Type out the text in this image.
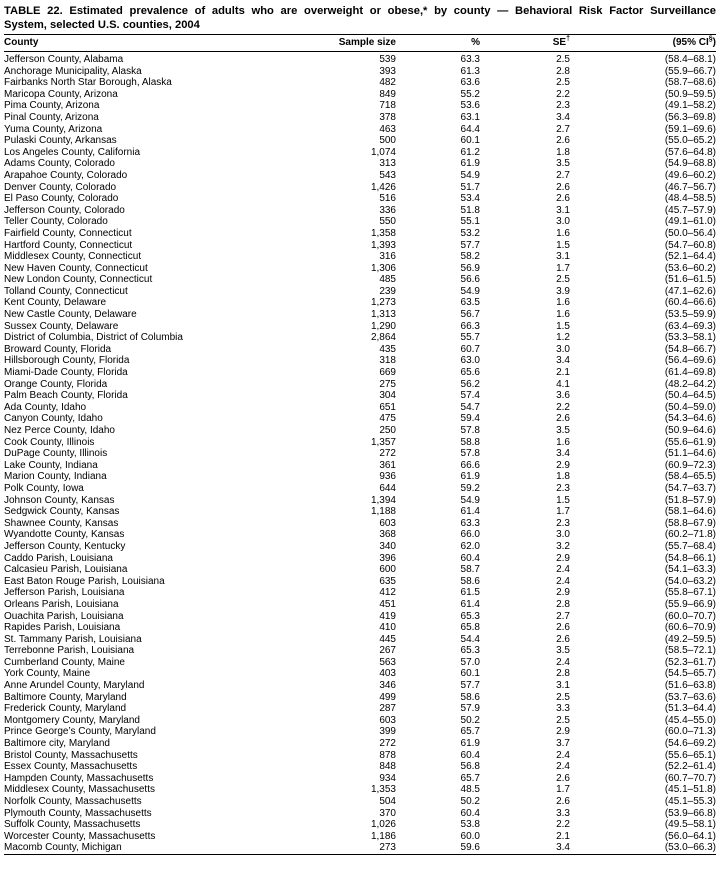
TABLE 22. Estimated prevalence of adults who are overweight or obese,* by county — Behavioral Risk Factor Surveillance
System, selected U.S. counties, 2004
County	Sample size	%	SE†	(95% CI§)
Jefferson County, Alabama	539	63.3	2.5	(58.4–68.1)
Anchorage Municipality, Alaska	393	61.3	2.8	(55.9–66.7)
Fairbanks North Star Borough, Alaska	482	63.6	2.5	(58.7–68.6)
Maricopa County, Arizona	849	55.2	2.2	(50.9–59.5)
Pima County, Arizona	718	53.6	2.3	(49.1–58.2)
Pinal County, Arizona	378	63.1	3.4	(56.3–69.8)
Yuma County, Arizona	463	64.4	2.7	(59.1–69.6)
Pulaski County, Arkansas	500	60.1	2.6	(55.0–65.2)
Los Angeles County, California	1,074	61.2	1.8	(57.6–64.8)
Adams County, Colorado	313	61.9	3.5	(54.9–68.8)
Arapahoe County, Colorado	543	54.9	2.7	(49.6–60.2)
Denver County, Colorado	1,426	51.7	2.6	(46.7–56.7)
El Paso County, Colorado	516	53.4	2.6	(48.4–58.5)
Jefferson County, Colorado	336	51.8	3.1	(45.7–57.9)
Teller County, Colorado	550	55.1	3.0	(49.1–61.0)
Fairfield County, Connecticut	1,358	53.2	1.6	(50.0–56.4)
Hartford County, Connecticut	1,393	57.7	1.5	(54.7–60.8)
Middlesex County, Connecticut	316	58.2	3.1	(52.1–64.4)
New Haven County, Connecticut	1,306	56.9	1.7	(53.6–60.2)
New London County, Connecticut	485	56.6	2.5	(51.6–61.5)
Tolland County, Connecticut	239	54.9	3.9	(47.1–62.6)
Kent County, Delaware	1,273	63.5	1.6	(60.4–66.6)
New Castle County, Delaware	1,313	56.7	1.6	(53.5–59.9)
Sussex County, Delaware	1,290	66.3	1.5	(63.4–69.3)
District of Columbia, District of Columbia	2,864	55.7	1.2	(53.3–58.1)
Broward County, Florida	435	60.7	3.0	(54.8–66.7)
Hillsborough County, Florida	318	63.0	3.4	(56.4–69.6)
Miami-Dade County, Florida	669	65.6	2.1	(61.4–69.8)
Orange County, Florida	275	56.2	4.1	(48.2–64.2)
Palm Beach County, Florida	304	57.4	3.6	(50.4–64.5)
Ada County, Idaho	651	54.7	2.2	(50.4–59.0)
Canyon County, Idaho	475	59.4	2.6	(54.3–64.6)
Nez Perce County, Idaho	250	57.8	3.5	(50.9–64.6)
Cook County, Illinois	1,357	58.8	1.6	(55.6–61.9)
DuPage County, Illinois	272	57.8	3.4	(51.1–64.6)
Lake County, Indiana	361	66.6	2.9	(60.9–72.3)
Marion County, Indiana	936	61.9	1.8	(58.4–65.5)
Polk County, Iowa	644	59.2	2.3	(54.7–63.7)
Johnson County, Kansas	1,394	54.9	1.5	(51.8–57.9)
Sedgwick County, Kansas	1,188	61.4	1.7	(58.1–64.6)
Shawnee County, Kansas	603	63.3	2.3	(58.8–67.9)
Wyandotte County, Kansas	368	66.0	3.0	(60.2–71.8)
Jefferson County, Kentucky	340	62.0	3.2	(55.7–68.4)
Caddo Parish, Louisiana	396	60.4	2.9	(54.8–66.1)
Calcasieu Parish, Louisiana	600	58.7	2.4	(54.1–63.3)
East Baton Rouge Parish, Louisiana	635	58.6	2.4	(54.0–63.2)
Jefferson Parish, Louisiana	412	61.5	2.9	(55.8–67.1)
Orleans Parish, Louisiana	451	61.4	2.8	(55.9–66.9)
Ouachita Parish, Louisiana	419	65.3	2.7	(60.0–70.7)
Rapides Parish, Louisiana	410	65.8	2.6	(60.6–70.9)
St. Tammany Parish, Louisiana	445	54.4	2.6	(49.2–59.5)
Terrebonne Parish, Louisiana	267	65.3	3.5	(58.5–72.1)
Cumberland County, Maine	563	57.0	2.4	(52.3–61.7)
York County, Maine	403	60.1	2.8	(54.5–65.7)
Anne Arundel County, Maryland	346	57.7	3.1	(51.6–63.8)
Baltimore County, Maryland	499	58.6	2.5	(53.7–63.6)
Frederick County, Maryland	287	57.9	3.3	(51.3–64.4)
Montgomery County, Maryland	603	50.2	2.5	(45.4–55.0)
Prince George’s County, Maryland	399	65.7	2.9	(60.0–71.3)
Baltimore city, Maryland	272	61.9	3.7	(54.6–69.2)
Bristol County, Massachusetts	878	60.4	2.4	(55.6–65.1)
Essex County, Massachusetts	848	56.8	2.4	(52.2–61.4)
Hampden County, Massachusetts	934	65.7	2.6	(60.7–70.7)
Middlesex County, Massachusetts	1,353	48.5	1.7	(45.1–51.8)
Norfolk County, Massachusetts	504	50.2	2.6	(45.1–55.3)
Plymouth County, Massachusetts	370	60.4	3.3	(53.9–66.8)
Suffolk County, Massachusetts	1,026	53.8	2.2	(49.5–58.1)
Worcester County, Massachusetts	1,186	60.0	2.1	(56.0–64.1)
Macomb County, Michigan	273	59.6	3.4	(53.0–66.3)
